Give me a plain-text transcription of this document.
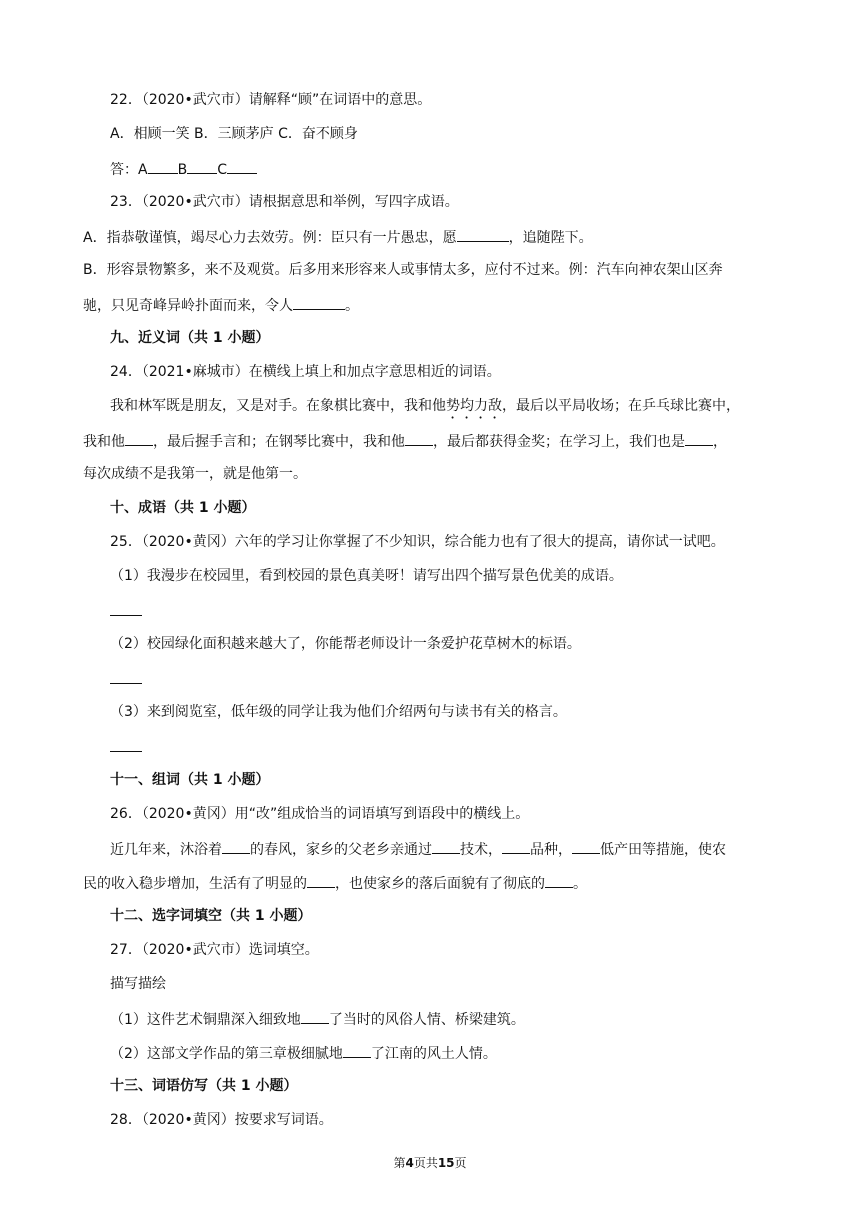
22．（2020•武穴市）请解释“顾”在词语中的意思。
A．相顾一笑 B．三顾茅庐 C．奋不顾身
答：A B C
23．（2020•武穴市）请根据意思和举例，写四字成语。
A．指恭敬谨慎，竭尽心力去效劳。例：臣只有一片愚忠，愿	，追随陛下。
B．形容景物繁多，来不及观赏。后多用来形容来人或事情太多，应付不过来。例：汽车向神农架山区奔
驰，只见奇峰异岭扑面而来，令人	。
九、近义词（共 1 小题）
24．（2021•麻城市）在横线上填上和加点字意思相近的词语。
我和林军既是朋友，又是对手。在象棋比赛中，我和他势均力敌，最后以平局收场；在乒乓球比赛中，
我和他 ，最后握手言和；在钢琴比赛中，我和他 ，最后都获得金奖；在学习上，我们也是 ，
每次成绩不是我第一，就是他第一。
十、成语（共 1 小题）
25．（2020•黄冈）六年的学习让你掌握了不少知识，综合能力也有了很大的提高，请你试一试吧。
（1）我漫步在校园里，看到校园的景色真美呀！请写出四个描写景色优美的成语。
（2）校园绿化面积越来越大了，你能帮老师设计一条爱护花草树木的标语。
（3）来到阅览室，低年级的同学让我为他们介绍两句与读书有关的格言。
十一、组词（共 1 小题）
26．（2020•黄冈）用“改”组成恰当的词语填写到语段中的横线上。
近几年来，沐浴着 的春风，家乡的父老乡亲通过 技术， 品种， 低产田等措施，使农
民的收入稳步增加，生活有了明显的 ，也使家乡的落后面貌有了彻底的 。
十二、选字词填空（共 1 小题）
27．（2020•武穴市）选词填空。
描写描绘
（1）这件艺术铜鼎深入细致地 了当时的风俗人情、桥梁建筑。
（2）这部文学作品的第三章极细腻地 了江南的风土人情。
十三、词语仿写（共 1 小题）
28．（2020•黄冈）按要求写词语。
第4页共15页
